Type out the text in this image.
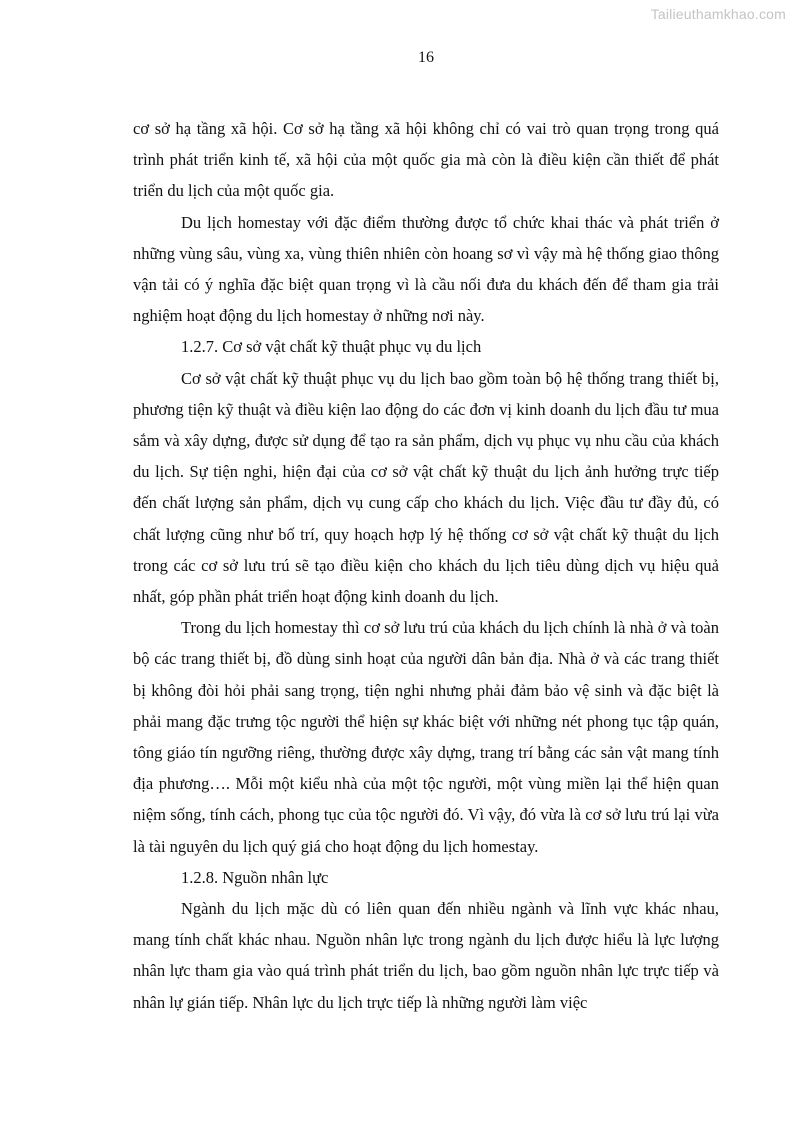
Tailieuthamkhao.com
16

cơ sở hạ tầng xã hội. Cơ sở hạ tầng xã hội không chỉ có vai trò quan trọng trong quá trình phát triển kinh tế, xã hội của một quốc gia mà còn là điều kiện cần thiết để phát triển du lịch của một quốc gia.

Du lịch homestay với đặc điểm thường được tổ chức khai thác và phát triển ở những vùng sâu, vùng xa, vùng thiên nhiên còn hoang sơ vì vậy mà hệ thống giao thông vận tải có ý nghĩa đặc biệt quan trọng vì là cầu nối đưa du khách đến để tham gia trải nghiệm hoạt động du lịch homestay ở những nơi này.

1.2.7. Cơ sở vật chất kỹ thuật phục vụ du lịch

Cơ sở vật chất kỹ thuật phục vụ du lịch bao gồm toàn bộ hệ thống trang thiết bị, phương tiện kỹ thuật và điều kiện lao động do các đơn vị kinh doanh du lịch đầu tư mua sắm và xây dựng, được sử dụng để tạo ra sản phẩm, dịch vụ phục vụ nhu cầu của khách du lịch. Sự tiện nghi, hiện đại của cơ sở vật chất kỹ thuật du lịch ảnh hưởng trực tiếp đến chất lượng sản phẩm, dịch vụ cung cấp cho khách du lịch. Việc đầu tư đầy đủ, có chất lượng cũng như bố trí, quy hoạch hợp lý hệ thống cơ sở vật chất kỹ thuật du lịch trong các cơ sở lưu trú sẽ tạo điều kiện cho khách du lịch tiêu dùng dịch vụ hiệu quả nhất, góp phần phát triển hoạt động kinh doanh du lịch.

Trong du lịch homestay thì cơ sở lưu trú của khách du lịch chính là nhà ở và toàn bộ các trang thiết bị, đồ dùng sinh hoạt của người dân bản địa. Nhà ở và các trang thiết bị không đòi hỏi phải sang trọng, tiện nghi nhưng phải đảm bảo vệ sinh và đặc biệt là phải mang đặc trưng tộc người thể hiện sự khác biệt với những nét phong tục tập quán, tông giáo tín ngưỡng riêng, thường được xây dựng, trang trí bằng các sản vật mang tính địa phương…. Mỗi một kiểu nhà của một tộc người, một vùng miền lại thể hiện quan niệm sống, tính cách, phong tục của tộc người đó. Vì vậy, đó vừa là cơ sở lưu trú lại vừa là tài nguyên du lịch quý giá cho hoạt động du lịch homestay.

1.2.8. Nguồn nhân lực

Ngành du lịch mặc dù có liên quan đến nhiều ngành và lĩnh vực khác nhau, mang tính chất khác nhau. Nguồn nhân lực trong ngành du lịch được hiểu là lực lượng nhân lực tham gia vào quá trình phát triển du lịch, bao gồm nguồn nhân lực trực tiếp và nhân lự gián tiếp. Nhân lực du lịch trực tiếp là những người làm việc
